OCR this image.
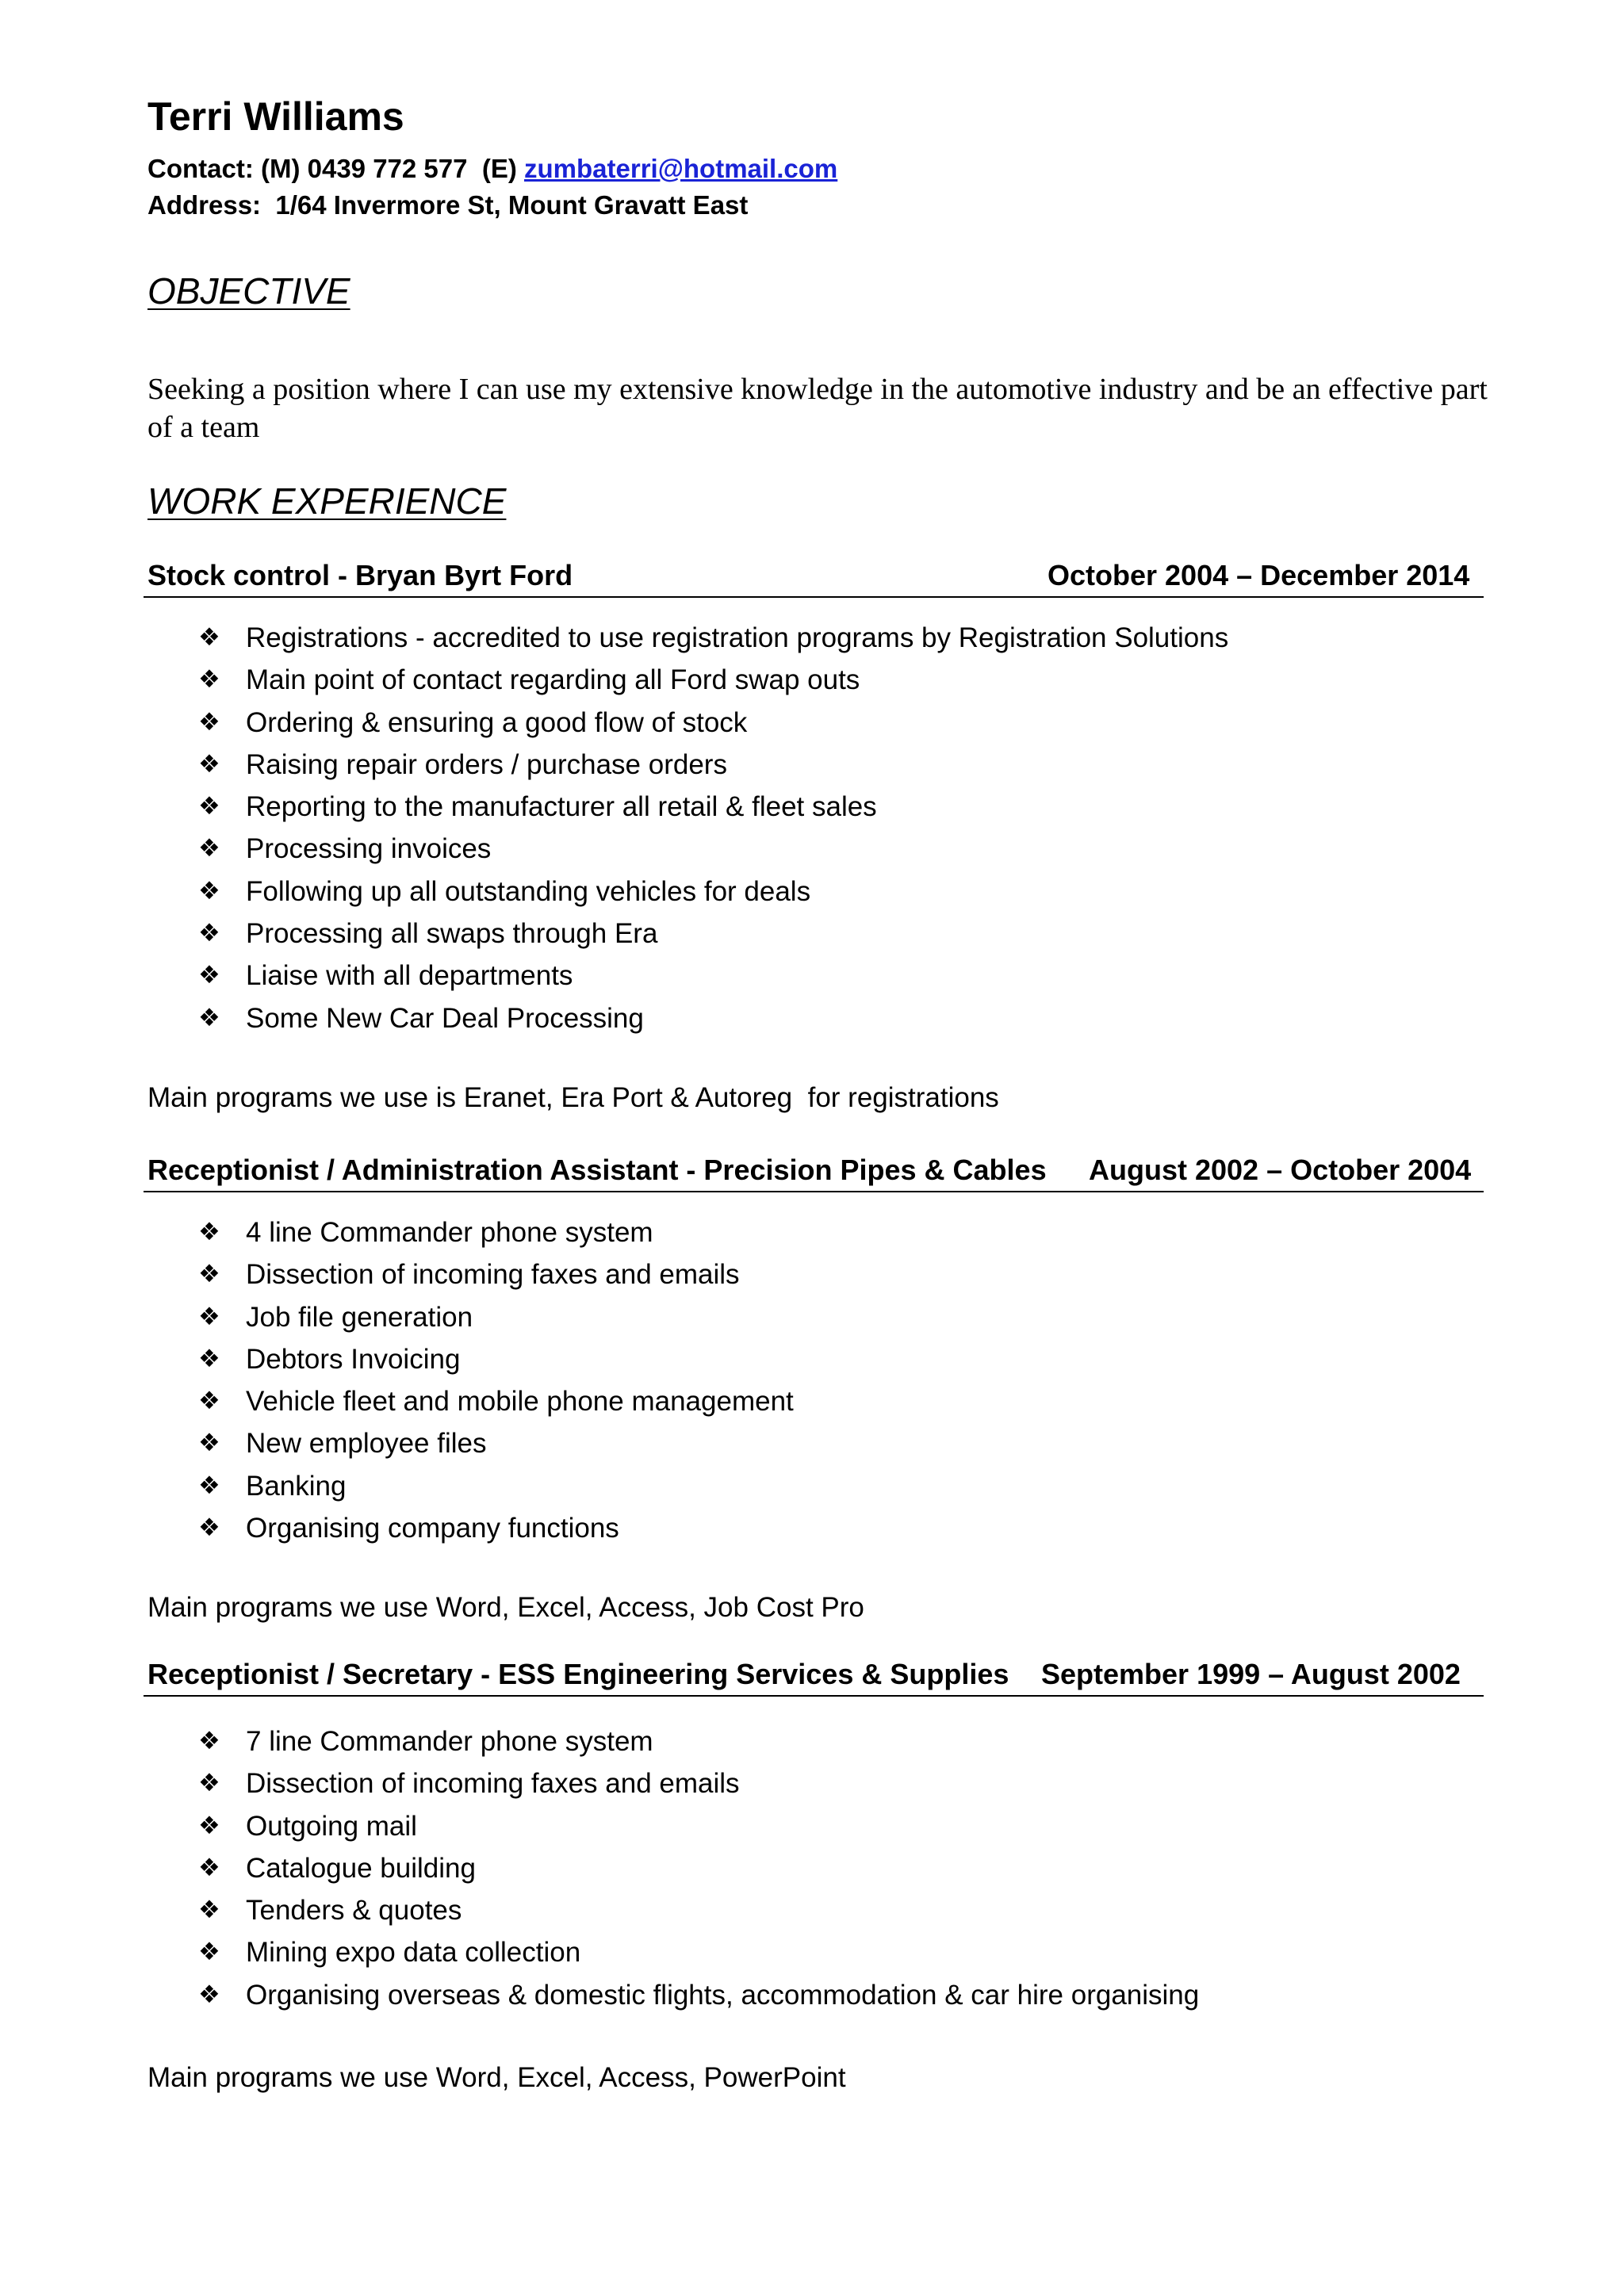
Terri Williams
Contact: (M) 0439 772 577  (E) zumbaterri@hotmail.com
Address:  1/64 Invermore St, Mount Gravatt East
OBJECTIVE
Seeking a position where I can use my extensive knowledge in the automotive industry and be an effective part of a team
WORK EXPERIENCE
Stock control - Bryan Byrt Ford	October 2004 – December 2014
❖ Registrations - accredited to use registration programs by Registration Solutions
❖ Main point of contact regarding all Ford swap outs
❖ Ordering & ensuring a good flow of stock
❖ Raising repair orders / purchase orders
❖ Reporting to the manufacturer all retail & fleet sales
❖ Processing invoices
❖ Following up all outstanding vehicles for deals
❖ Processing all swaps through Era
❖ Liaise with all departments
❖ Some New Car Deal Processing
Main programs we use is Eranet, Era Port & Autoreg  for registrations
Receptionist / Administration Assistant - Precision Pipes & Cables August 2002 – October 2004
❖ 4 line Commander phone system
❖ Dissection of incoming faxes and emails
❖ Job file generation
❖ Debtors Invoicing
❖ Vehicle fleet and mobile phone management
❖ New employee files
❖ Banking
❖ Organising company functions
Main programs we use Word, Excel, Access, Job Cost Pro
Receptionist / Secretary - ESS Engineering Services & Supplies September 1999 – August 2002
❖ 7 line Commander phone system
❖ Dissection of incoming faxes and emails
❖ Outgoing mail
❖ Catalogue building
❖ Tenders & quotes
❖ Mining expo data collection
❖ Organising overseas & domestic flights, accommodation & car hire organising
Main programs we use Word, Excel, Access, PowerPoint
